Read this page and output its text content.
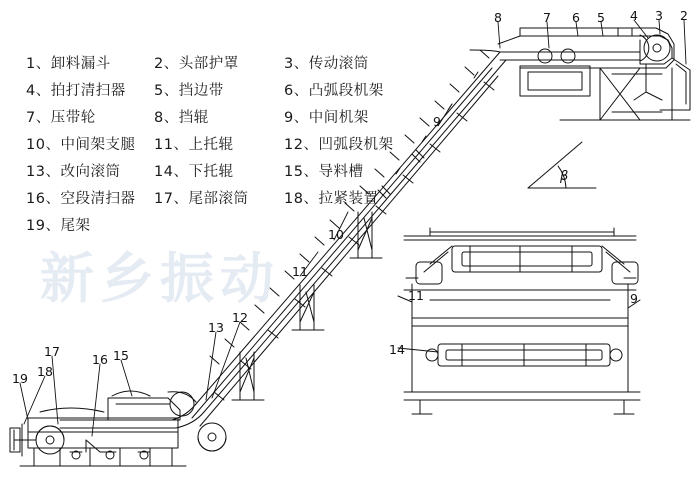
新乡振动
1、卸料漏斗	2、头部护罩	3、传动滚筒
4、拍打清扫器	5、挡边带	6、凸弧段机架
7、压带轮	8、挡辊	9、中间机架
10、中间架支腿	11、上托辊	12、凹弧段机架
13、改向滚筒	14、下托辊	15、导料槽
16、空段清扫器	17、尾部滚筒	18、拉紧装置
19、尾架
8	7 6 5 4 3 2
9
10
11
11	9
14
13
12
17
16 15
19 18
β
